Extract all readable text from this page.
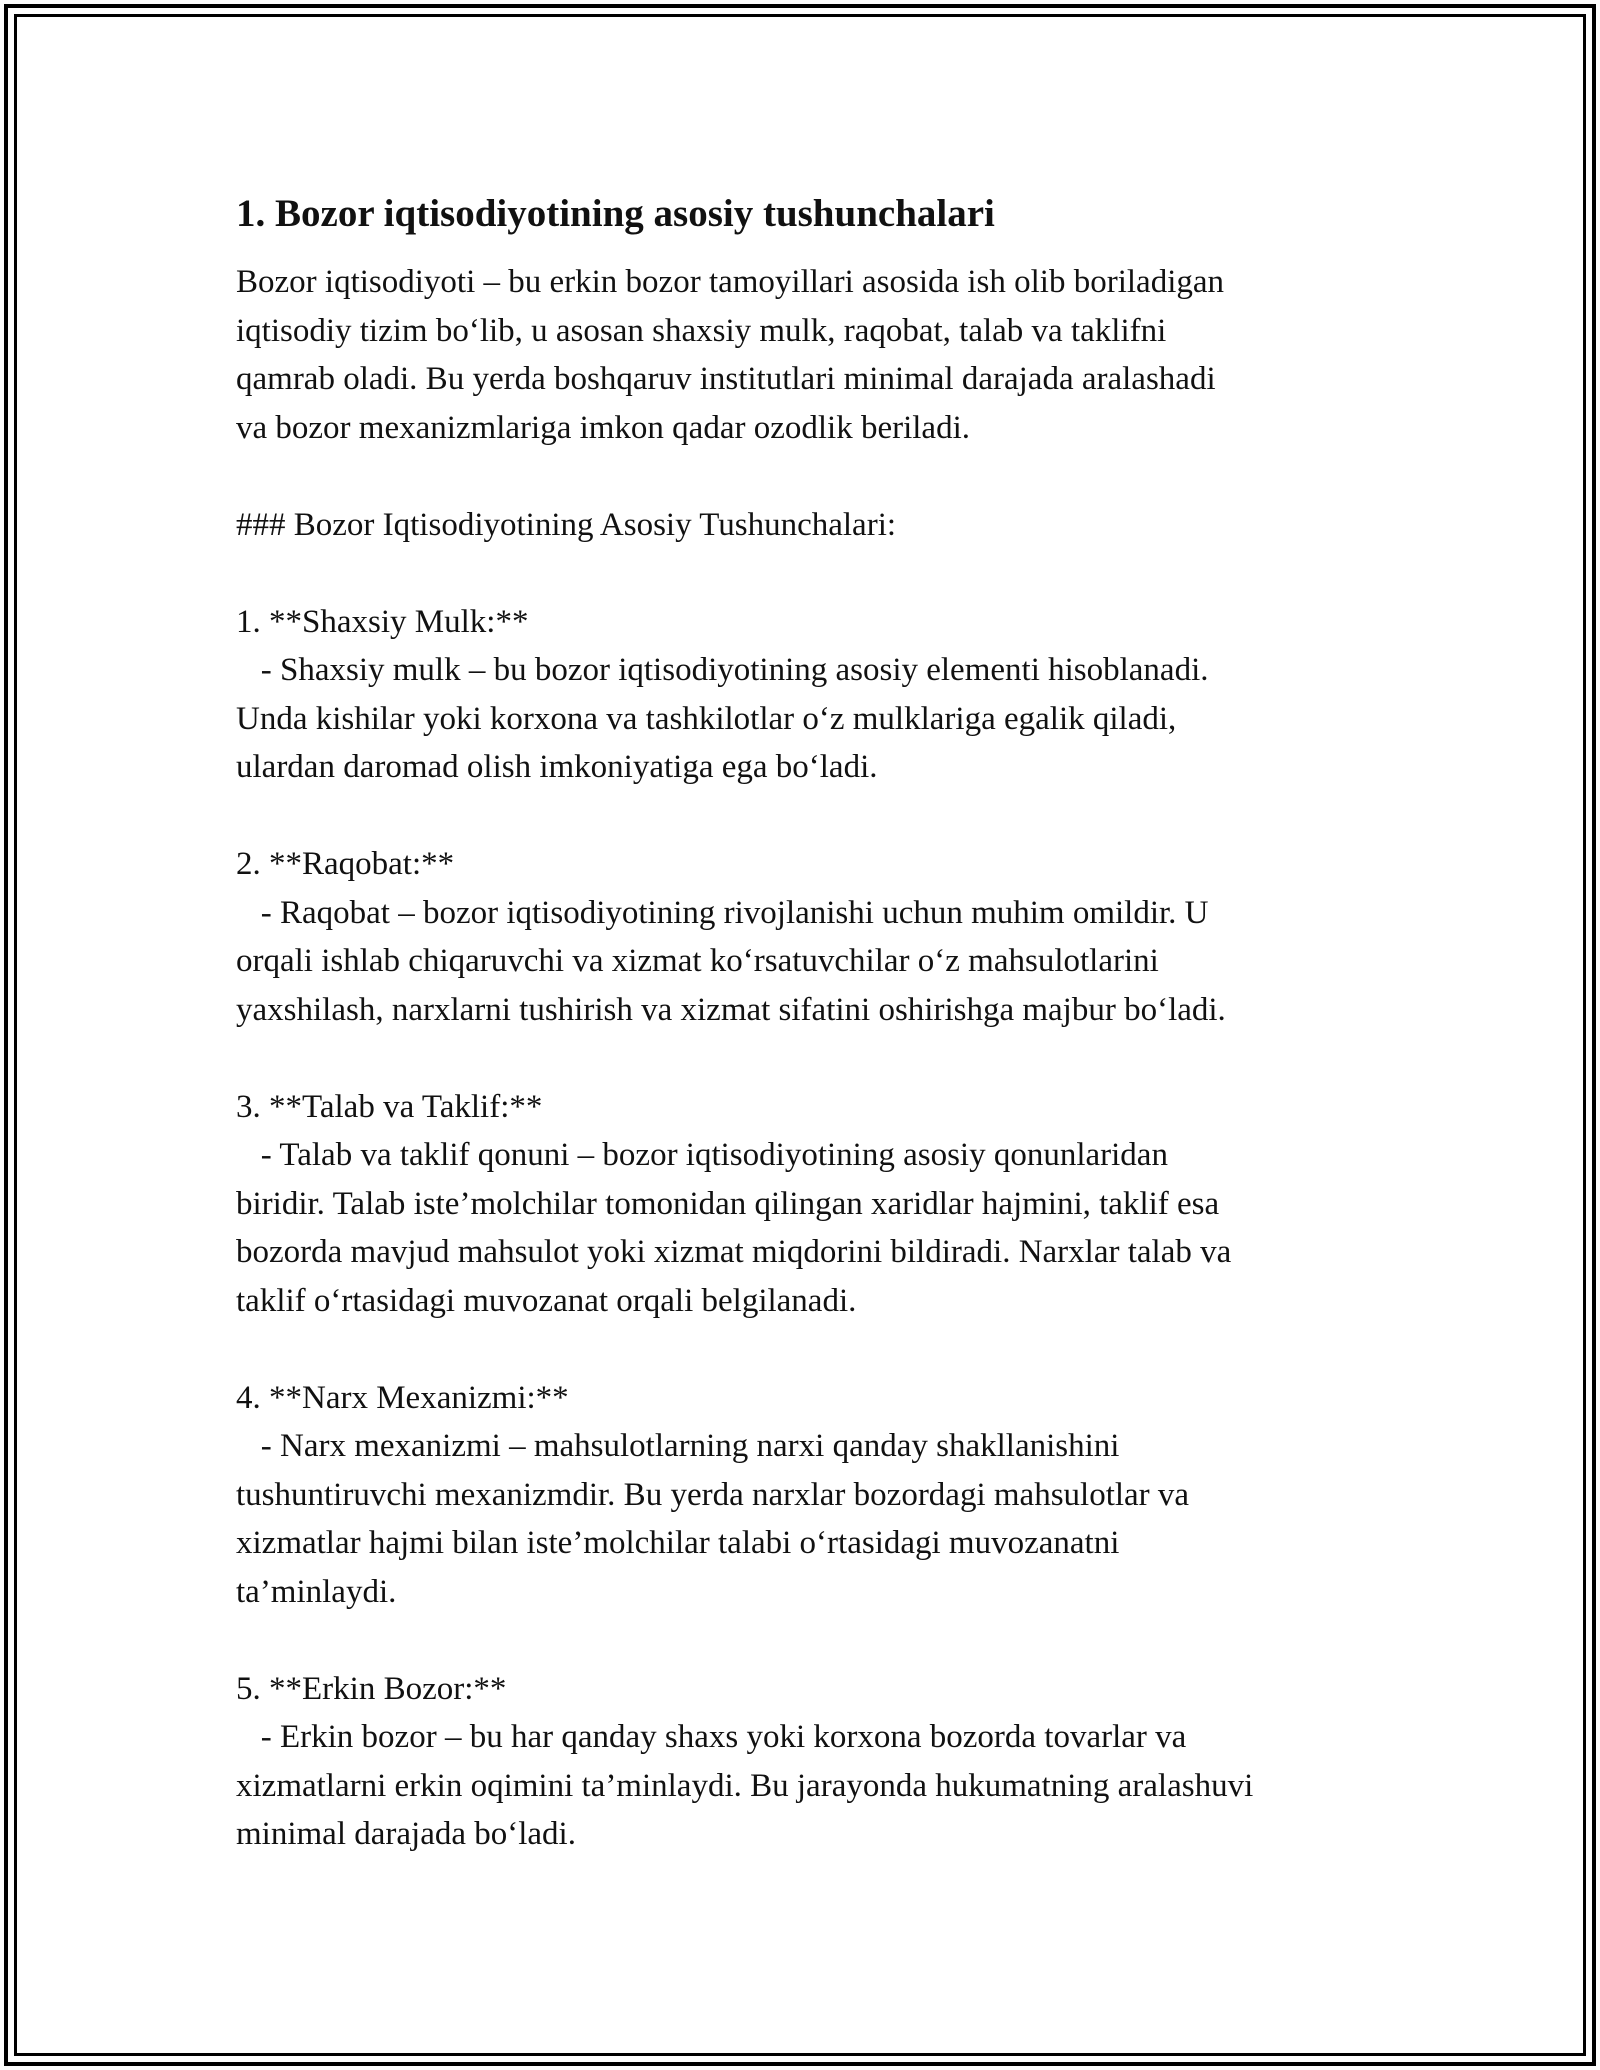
1. Bozor iqtisodiyotining asosiy tushunchalari
Bozor iqtisodiyoti – bu erkin bozor tamoyillari asosida ish olib boriladigan
iqtisodiy tizim bo‘lib, u asosan shaxsiy mulk, raqobat, talab va taklifni
qamrab oladi. Bu yerda boshqaruv institutlari minimal darajada aralashadi
va bozor mexanizmlariga imkon qadar ozodlik beriladi.
### Bozor Iqtisodiyotining Asosiy Tushunchalari:
1. **Shaxsiy Mulk:**
- Shaxsiy mulk – bu bozor iqtisodiyotining asosiy elementi hisoblanadi.
Unda kishilar yoki korxona va tashkilotlar o‘z mulklariga egalik qiladi,
ulardan daromad olish imkoniyatiga ega bo‘ladi.
2. **Raqobat:**
- Raqobat – bozor iqtisodiyotining rivojlanishi uchun muhim omildir. U
orqali ishlab chiqaruvchi va xizmat ko‘rsatuvchilar o‘z mahsulotlarini
yaxshilash, narxlarni tushirish va xizmat sifatini oshirishga majbur bo‘ladi.
3. **Talab va Taklif:**
- Talab va taklif qonuni – bozor iqtisodiyotining asosiy qonunlaridan
biridir. Talab iste’molchilar tomonidan qilingan xaridlar hajmini, taklif esa
bozorda mavjud mahsulot yoki xizmat miqdorini bildiradi. Narxlar talab va
taklif o‘rtasidagi muvozanat orqali belgilanadi.
4. **Narx Mexanizmi:**
- Narx mexanizmi – mahsulotlarning narxi qanday shakllanishini
tushuntiruvchi mexanizmdir. Bu yerda narxlar bozordagi mahsulotlar va
xizmatlar hajmi bilan iste’molchilar talabi o‘rtasidagi muvozanatni
ta’minlaydi.
5. **Erkin Bozor:**
- Erkin bozor – bu har qanday shaxs yoki korxona bozorda tovarlar va
xizmatlarni erkin oqimini ta’minlaydi. Bu jarayonda hukumatning aralashuvi
minimal darajada bo‘ladi.
